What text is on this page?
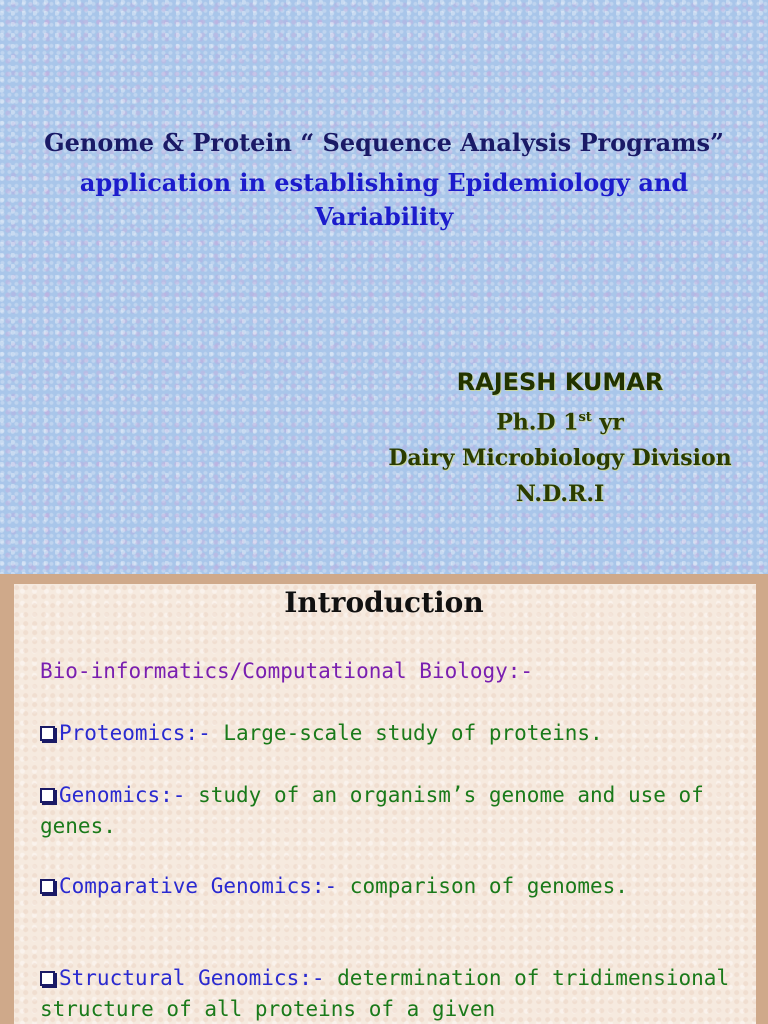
Genome & Protein “ Sequence Analysis Programs”

application in establishing Epidemiology and Variability

RAJESH KUMAR

Ph.D 1st yr

Dairy Microbiology Division

N.D.R.I

Introduction

Bio-informatics/Computational Biology:-

Proteomics:- Large-scale study of proteins.

Genomics:- study of an organism’s genome and use of genes.

Comparative Genomics:- comparison of genomes.

Structural Genomics:- determination of tridimensional structure of all proteins of a given
